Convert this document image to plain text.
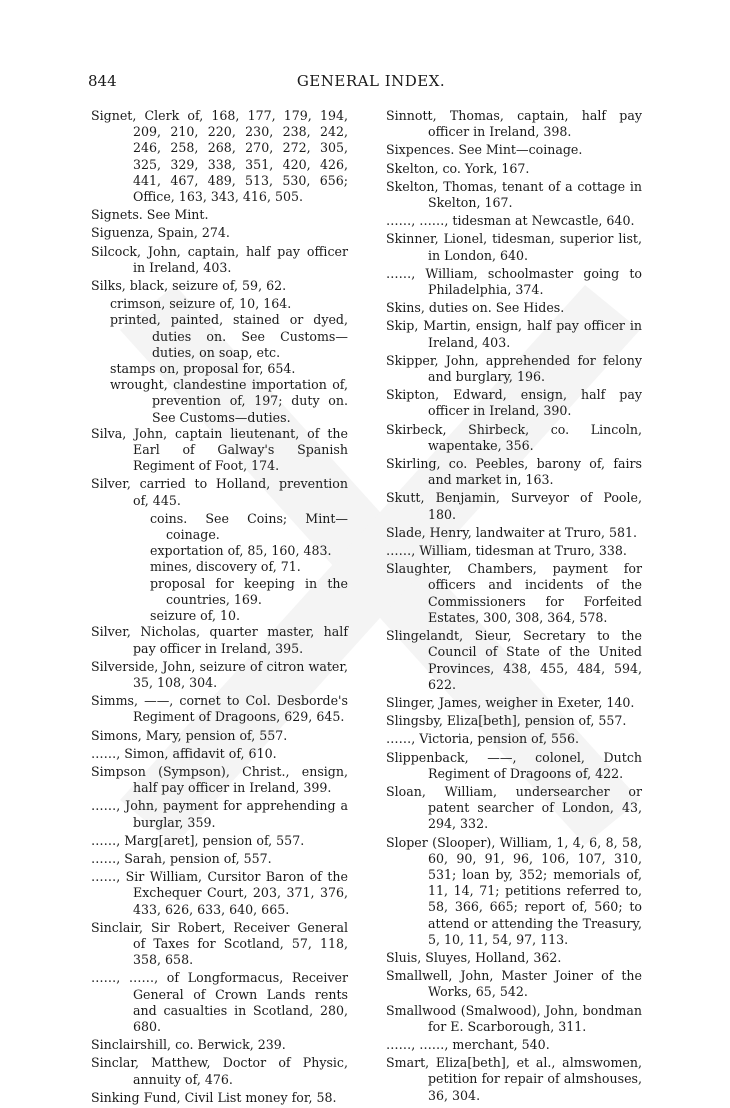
844	GENERAL INDEX.
Signet, Clerk of, 168, 177, 179, 194, 209, 210, 220, 230, 238, 242, 246, 258, 268, 270, 272, 305, 325, 329, 338, 351, 420, 426, 441, 467, 489, 513, 530, 656; Office, 163, 343, 416, 505.
Signets. See Mint.
Siguenza, Spain, 274.
Silcock, John, captain, half pay officer in Ireland, 403.
Silks, black, seizure of, 59, 62.
crimson, seizure of, 10, 164.
printed, painted, stained or dyed, duties on. See Customs—duties, on soap, etc.
stamps on, proposal for, 654.
wrought, clandestine importation of, prevention of, 197; duty on. See Customs—duties.
Silva, John, captain lieutenant, of the Earl of Galway's Spanish Regiment of Foot, 174.
Silver, carried to Holland, prevention of, 445.
coins. See Coins; Mint—coinage.
exportation of, 85, 160, 483.
mines, discovery of, 71.
proposal for keeping in the countries, 169.
seizure of, 10.
Silver, Nicholas, quarter master, half pay officer in Ireland, 395.
Silverside, John, seizure of citron water, 35, 108, 304.
Simms, ——, cornet to Col. Desborde's Regiment of Dragoons, 629, 645.
Simons, Mary, pension of, 557.
……, Simon, affidavit of, 610.
Simpson (Sympson), Christ., ensign, half pay officer in Ireland, 399.
……, John, payment for apprehending a burglar, 359.
……, Marg[aret], pension of, 557.
……, Sarah, pension of, 557.
……, Sir William, Cursitor Baron of the Exchequer Court, 203, 371, 376, 433, 626, 633, 640, 665.
Sinclair, Sir Robert, Receiver General of Taxes for Scotland, 57, 118, 358, 658.
……, ……, of Longformacus, Receiver General of Crown Lands rents and casualties in Scotland, 280, 680.
Sinclairshill, co. Berwick, 239.
Sinclar, Matthew, Doctor of Physic, annuity of, 476.
Sinking Fund, Civil List money for, 58.
Sinnott, Thomas, captain, half pay officer in Ireland, 398.
Sixpences. See Mint—coinage.
Skelton, co. York, 167.
Skelton, Thomas, tenant of a cottage in Skelton, 167.
……, ……, tidesman at Newcastle, 640.
Skinner, Lionel, tidesman, superior list, in London, 640.
……, William, schoolmaster going to Philadelphia, 374.
Skins, duties on. See Hides.
Skip, Martin, ensign, half pay officer in Ireland, 403.
Skipper, John, apprehended for felony and burglary, 196.
Skipton, Edward, ensign, half pay officer in Ireland, 390.
Skirbeck, Shirbeck, co. Lincoln, wapentake, 356.
Skirling, co. Peebles, barony of, fairs and market in, 163.
Skutt, Benjamin, Surveyor of Poole, 180.
Slade, Henry, landwaiter at Truro, 581.
……, William, tidesman at Truro, 338.
Slaughter, Chambers, payment for officers and incidents of the Commissioners for Forfeited Estates, 300, 308, 364, 578.
Slingelandt, Sieur, Secretary to the Council of State of the United Provinces, 438, 455, 484, 594, 622.
Slinger, James, weigher in Exeter, 140.
Slingsby, Eliza[beth], pension of, 557.
……, Victoria, pension of, 556.
Slippenback, ——, colonel, Dutch Regiment of Dragoons of, 422.
Sloan, William, undersearcher or patent searcher of London, 43, 294, 332.
Sloper (Slooper), William, 1, 4, 6, 8, 58, 60, 90, 91, 96, 106, 107, 310, 531; loan by, 352; memorials of, 11, 14, 71; petitions referred to, 58, 366, 665; report of, 560; to attend or attending the Treasury, 5, 10, 11, 54, 97, 113.
Sluis, Sluyes, Holland, 362.
Smallwell, John, Master Joiner of the Works, 65, 542.
Smallwood (Smalwood), John, bondman for E. Scarborough, 311.
……, ……, merchant, 540.
Smart, Eliza[beth], et al., almswomen, petition for repair of almshouses, 36, 304.
